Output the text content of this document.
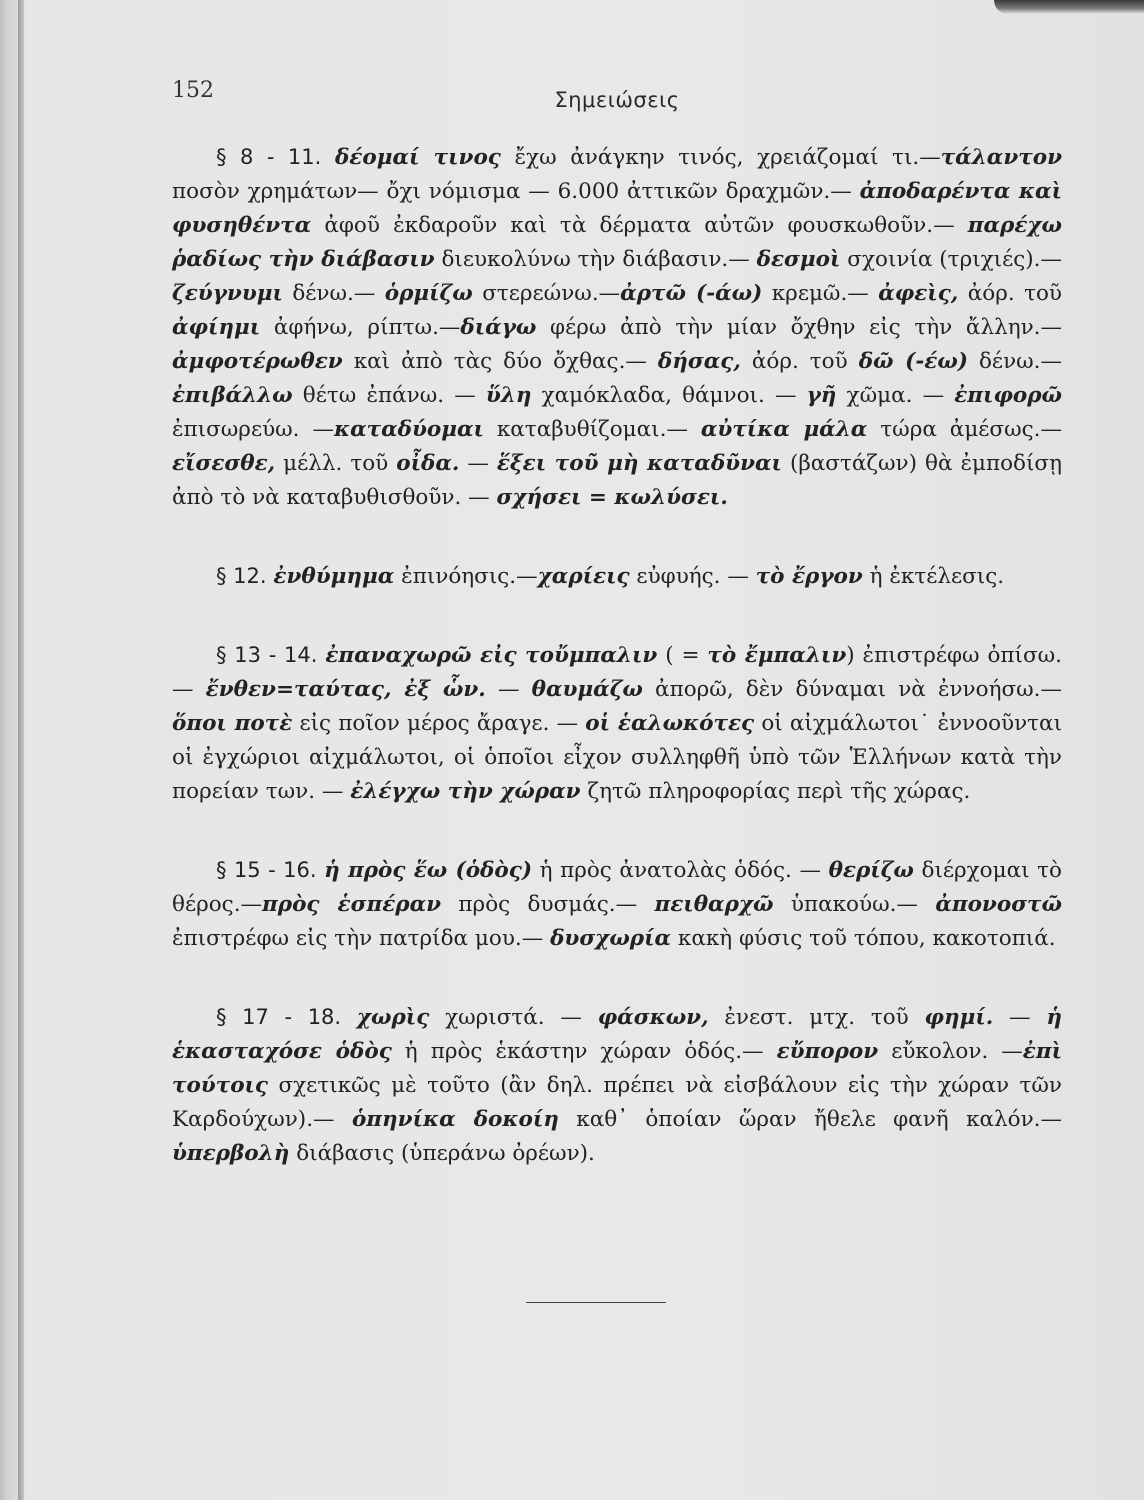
152	Σημειώσεις

§ 8 - 11. δέομαί τινος ἔχω ἀνάγκην τινός, χρειάζομαί τι.—τάλαντον ποσὸν χρημάτων— ὄχι νόμισμα — 6.000 ἀττικῶν δραχμῶν.— ἀποδαρέντα καὶ φυσηθέντα ἀφοῦ ἐκδαροῦν καὶ τὰ δέρματα αὐτῶν φουσκωθοῦν.— παρέχω ῥαδίως τὴν διάβασιν διευκολύνω τὴν διάβασιν.— δεσμοὶ σχοινία (τριχιές).— ζεύγνυμι δένω.— ὁρμίζω στερεώνω.—ἀρτῶ (-άω) κρεμῶ.— ἀφεὶς, ἀόρ. τοῦ ἀφίημι ἀφήνω, ρίπτω.—διάγω φέρω ἀπὸ τὴν μίαν ὄχθην εἰς τὴν ἄλλην.— ἀμφοτέρωθεν καὶ ἀπὸ τὰς δύο ὄχθας.— δήσας, ἀόρ. τοῦ δῶ (-έω) δένω.— ἐπιβάλλω θέτω ἐπάνω. — ὕλη χαμόκλαδα, θάμνοι. — γῆ χῶμα. — ἐπιφορῶ ἐπισωρεύω. —καταδύομαι καταβυθίζομαι.— αὐτίκα μάλα τώρα ἀμέσως.—εἴσεσθε, μέλλ. τοῦ οἶδα. — ἕξει τοῦ μὴ καταδῦναι (βαστάζων) θὰ ἐμποδίσῃ ἀπὸ τὸ νὰ καταβυθισθοῦν. — σχήσει = κωλύσει.

§ 12. ἐνθύμημα ἐπινόησις.—χαρίεις εὐφυής. — τὸ ἔργον ἡ ἐκτέλεσις.

§ 13 - 14. ἐπαναχωρῶ εἰς τοὔμπαλιν ( = τὸ ἔμπαλιν) ἐπιστρέφω ὀπίσω. — ἔνθεν=ταύτας, ἐξ ὧν. — θαυμάζω ἀπορῶ, δὲν δύναμαι νὰ ἐννοήσω.—ὅποι ποτὲ εἰς ποῖον μέρος ἄραγε. — οἱ ἑαλωκότες οἱ αἰχμάλωτοι˙ ἐννοοῦνται οἱ ἐγχώριοι αἰχμάλωτοι, οἱ ὁποῖοι εἶχον συλληφθῆ ὑπὸ τῶν Ἑλλήνων κατὰ τὴν πορείαν των. — ἐλέγχω τὴν χώραν ζητῶ πληροφορίας περὶ τῆς χώρας.

§ 15 - 16. ἡ πρὸς ἕω (ὁδὸς) ἡ πρὸς ἀνατολὰς ὁδός. — θερίζω διέρχομαι τὸ θέρος.—πρὸς ἑσπέραν πρὸς δυσμάς.— πειθαρχῶ ὑπακούω.— ἀπονοστῶ ἐπιστρέφω εἰς τὴν πατρίδα μου.— δυσχωρία κακὴ φύσις τοῦ τόπου, κακοτοπιά.

§ 17 - 18. χωρὶς χωριστά. — φάσκων, ἐνεστ. μτχ. τοῦ φημί. — ἡ ἑκασταχόσε ὁδὸς ἡ πρὸς ἑκάστην χώραν ὁδός.— εὔπορον εὔκολον. —ἐπὶ τούτοις σχετικῶς μὲ τοῦτο (ἂν δηλ. πρέπει νὰ εἰσβάλουν εἰς τὴν χώραν τῶν Καρδούχων).— ὁπηνίκα δοκοίη καθ᾽ ὁποίαν ὥραν ἤθελε φανῆ καλόν.—ὑπερβολὴ διάβασις (ὑπεράνω ὀρέων).
